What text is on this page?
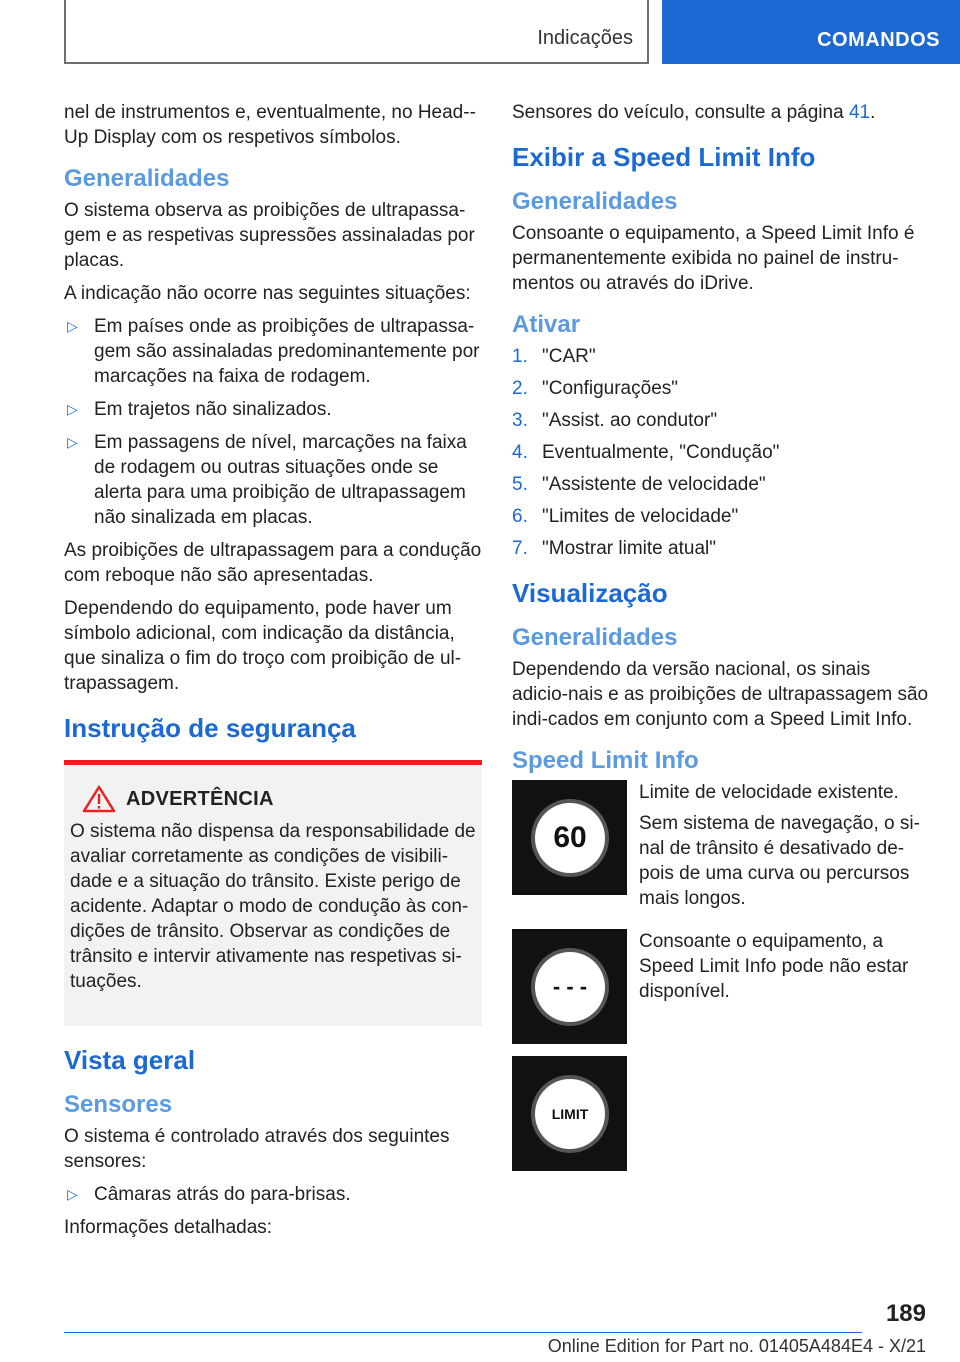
Indicações	COMANDOS

nel de instrumentos e, eventualmente, no Head--Up Display com os respetivos símbolos.

Generalidades

O sistema observa as proibições de ultrapassa-gem e as respetivas supressões assinaladas por placas.

A indicação não ocorre nas seguintes situações:

▷ Em países onde as proibições de ultrapassa-gem são assinaladas predominantemente por marcações na faixa de rodagem.
▷ Em trajetos não sinalizados.
▷ Em passagens de nível, marcações na faixa de rodagem ou outras situações onde se alerta para uma proibição de ultrapassagem não sinalizada em placas.

As proibições de ultrapassagem para a condução com reboque não são apresentadas.

Dependendo do equipamento, pode haver um símbolo adicional, com indicação da distância, que sinaliza o fim do troço com proibição de ul-trapassagem.

Instrução de segurança
ADVERTÊNCIA

O sistema não dispensa da responsabilidade de avaliar corretamente as condições de visibili-dade e a situação do trânsito. Existe perigo de acidente. Adaptar o modo de condução às con-dições de trânsito. Observar as condições de trânsito e intervir ativamente nas respetivas si-tuações.

Vista geral
Sensores

O sistema é controlado através dos seguintes sensores:

▷ Câmaras atrás do para-brisas.

Informações detalhadas:

Sensores do veículo, consulte a página 41.

Exibir a Speed Limit Info
Generalidades

Consoante o equipamento, a Speed Limit Info é permanentemente exibida no painel de instru-mentos ou através do iDrive.

Ativar
1. "CAR"
2. "Configurações"
3. "Assist. ao condutor"
4. Eventualmente, "Condução"
5. "Assistente de velocidade"
6. "Limites de velocidade"
7. "Mostrar limite atual"
Visualização
Generalidades

Dependendo da versão nacional, os sinais adicio-nais e as proibições de ultrapassagem são indi-cados em conjunto com a Speed Limit Info.

Speed Limit Info
60

Limite de velocidade existente.

Sem sistema de navegação, o si-nal de trânsito é desativado de-pois de uma curva ou percursos mais longos.

- - -

Consoante o equipamento, a Speed Limit Info pode não estar disponível.

LIMIT
189
Online Edition for Part no. 01405A484E4 - X/21
